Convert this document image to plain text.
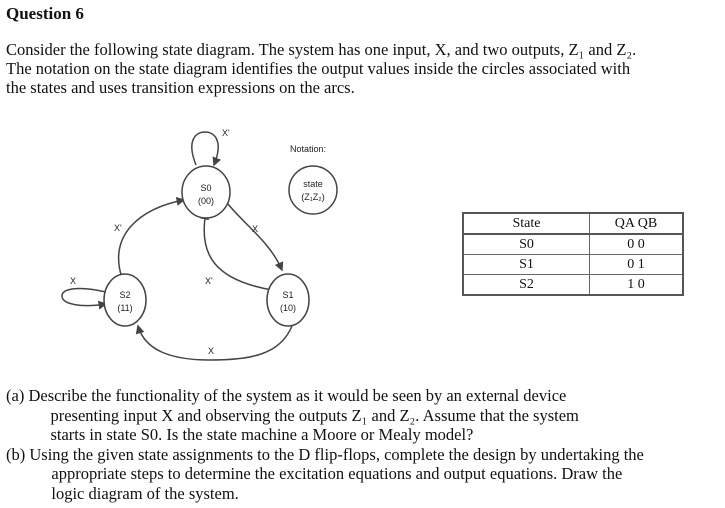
Question 6
Consider the following state diagram. The system has one input, X, and two outputs, Z₁ and Z₂.
The notation on the state diagram identifies the output values inside the circles associated with
the states and uses transition expressions on the arcs.
X'
X
X'
X'
X
X
S0
(00)
S1
(10)
S2
(11)
Notation:
state
(Z₁Z₂)
State	QA QB
S0	0 0
S1	0 1
S2	1 0
(a) Describe the functionality of the system as it would be seen by an external device
presenting input X and observing the outputs Z₁ and Z₂. Assume that the system
starts in state S0. Is the state machine a Moore or Mealy model?
(b) Using the given state assignments to the D flip-flops, complete the design by undertaking the
appropriate steps to determine the excitation equations and output equations. Draw the
logic diagram of the system.
